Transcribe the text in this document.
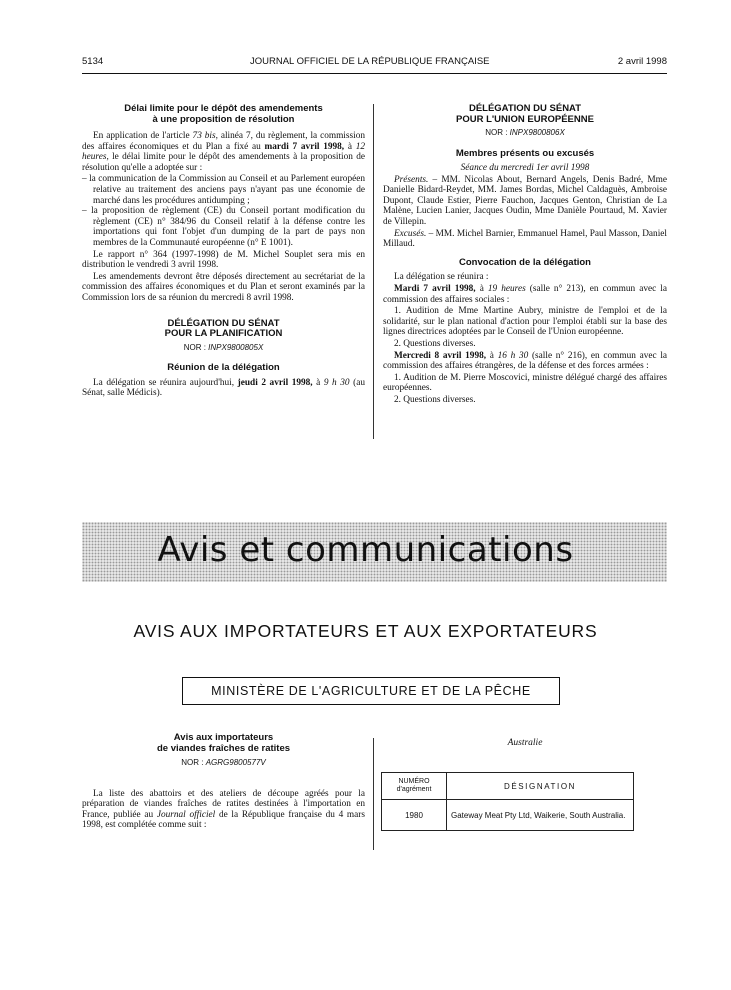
5134	JOURNAL OFFICIEL DE LA RÉPUBLIQUE FRANÇAISE	2 avril 1998
Délai limite pour le dépôt des amendements
à une proposition de résolution

En application de l'article 73 bis, alinéa 7, du règlement, la commission des affaires économiques et du Plan a fixé au mardi 7 avril 1998, à 12 heures, le délai limite pour le dépôt des amendements à la proposition de résolution qu'elle a adoptée sur :

– la communication de la Commission au Conseil et au Parlement européen relative au traitement des anciens pays n'ayant pas une économie de marché dans les procédures antidumping ;
– la proposition de règlement (CE) du Conseil portant modification du règlement (CE) n° 384/96 du Conseil relatif à la défense contre les importations qui font l'objet d'un dumping de la part de pays non membres de la Communauté européenne (n° E 1001).

Le rapport n° 364 (1997-1998) de M. Michel Souplet sera mis en distribution le vendredi 3 avril 1998.

Les amendements devront être déposés directement au secrétariat de la commission des affaires économiques et du Plan et seront examinés par la Commission lors de sa réunion du mercredi 8 avril 1998.

DÉLÉGATION DU SÉNAT
POUR LA PLANIFICATION
NOR : INPX9800805X
Réunion de la délégation

La délégation se réunira aujourd'hui, jeudi 2 avril 1998, à 9 h 30 (au Sénat, salle Médicis).

DÉLÉGATION DU SÉNAT
POUR L'UNION EUROPÉENNE
NOR : INPX9800806X
Membres présents ou excusés
Séance du mercredi 1er avril 1998

Présents. – MM. Nicolas About, Bernard Angels, Denis Badré, Mme Danielle Bidard-Reydet, MM. James Bordas, Michel Caldaguès, Ambroise Dupont, Claude Estier, Pierre Fauchon, Jacques Genton, Christian de La Malène, Lucien Lanier, Jacques Oudin, Mme Danièle Pourtaud, M. Xavier de Villepin.

Excusés. – MM. Michel Barnier, Emmanuel Hamel, Paul Masson, Daniel Millaud.

Convocation de la délégation

La délégation se réunira :

Mardi 7 avril 1998, à 19 heures (salle n° 213), en commun avec la commission des affaires sociales :

1. Audition de Mme Martine Aubry, ministre de l'emploi et de la solidarité, sur le plan national d'action pour l'emploi établi sur la base des lignes directrices adoptées par le Conseil de l'Union européenne.

2. Questions diverses.

Mercredi 8 avril 1998, à 16 h 30 (salle n° 216), en commun avec la commission des affaires étrangères, de la défense et des forces armées :

1. Audition de M. Pierre Moscovici, ministre délégué chargé des affaires européennes.

2. Questions diverses.

Avis et communications
AVIS AUX IMPORTATEURS ET AUX EXPORTATEURS
MINISTÈRE DE L'AGRICULTURE ET DE LA PÊCHE
Avis aux importateurs
de viandes fraîches de ratites
NOR : AGRG9800577V

La liste des abattoirs et des ateliers de découpe agréés pour la préparation de viandes fraîches de ratites destinées à l'importation en France, publiée au Journal officiel de la République française du 4 mars 1998, est complétée comme suit :

Australie
NUMÉRO
d'agrément	DÉSIGNATION
1980	Gateway Meat Pty Ltd, Waikerie, South Australia.
